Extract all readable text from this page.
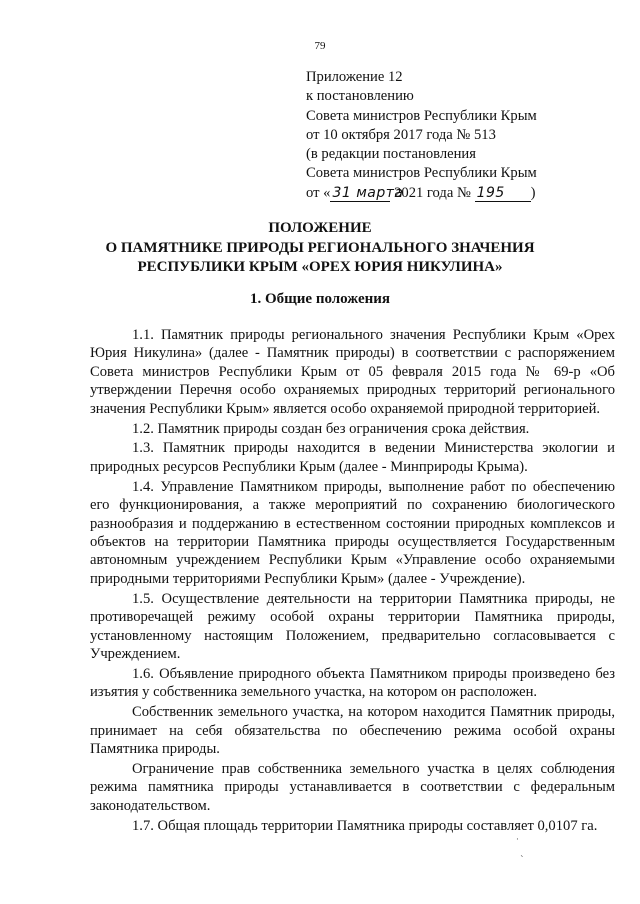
79
Приложение 12
к постановлению
Совета министров Республики Крым
от 10 октября 2017 года № 513
(в редакции постановления
Совета министров Республики Крым
от « 31 марта 2021 года № 195 )
ПОЛОЖЕНИЕ
О ПАМЯТНИКЕ ПРИРОДЫ РЕГИОНАЛЬНОГО ЗНАЧЕНИЯ
РЕСПУБЛИКИ КРЫМ «ОРЕХ ЮРИЯ НИКУЛИНА»
1. Общие положения

1.1. Памятник природы регионального значения Республики Крым «Орех Юрия Никулина» (далее - Памятник природы) в соответствии с распоряжением Совета министров Республики Крым от 05 февраля 2015 года № 69-р «Об утверждении Перечня особо охраняемых природных территорий регионального значения Республики Крым» является особо охраняемой природной территорией.

1.2. Памятник природы создан без ограничения срока действия.

1.3. Памятник природы находится в ведении Министерства экологии и природных ресурсов Республики Крым (далее - Минприроды Крыма).

1.4. Управление Памятником природы, выполнение работ по обеспечению его функционирования, а также мероприятий по сохранению биологического разнообразия и поддержанию в естественном состоянии природных комплексов и объектов на территории Памятника природы осуществляется Государственным автономным учреждением Республики Крым «Управление особо охраняемыми природными территориями Республики Крым» (далее - Учреждение).

1.5. Осуществление деятельности на территории Памятника природы, не противоречащей режиму особой охраны территории Памятника природы, установленному настоящим Положением, предварительно согласовывается с Учреждением.

1.6. Объявление природного объекта Памятником природы произведено без изъятия у собственника земельного участка, на котором он расположен.

Собственник земельного участка, на котором находится Памятник природы, принимает на себя обязательства по обеспечению режима особой охраны Памятника природы.

Ограничение прав собственника земельного участка в целях соблюдения режима памятника природы устанавливается в соответствии с федеральным законодательством.

1.7. Общая площадь территории Памятника природы составляет 0,0107 га.

·
ˎ
